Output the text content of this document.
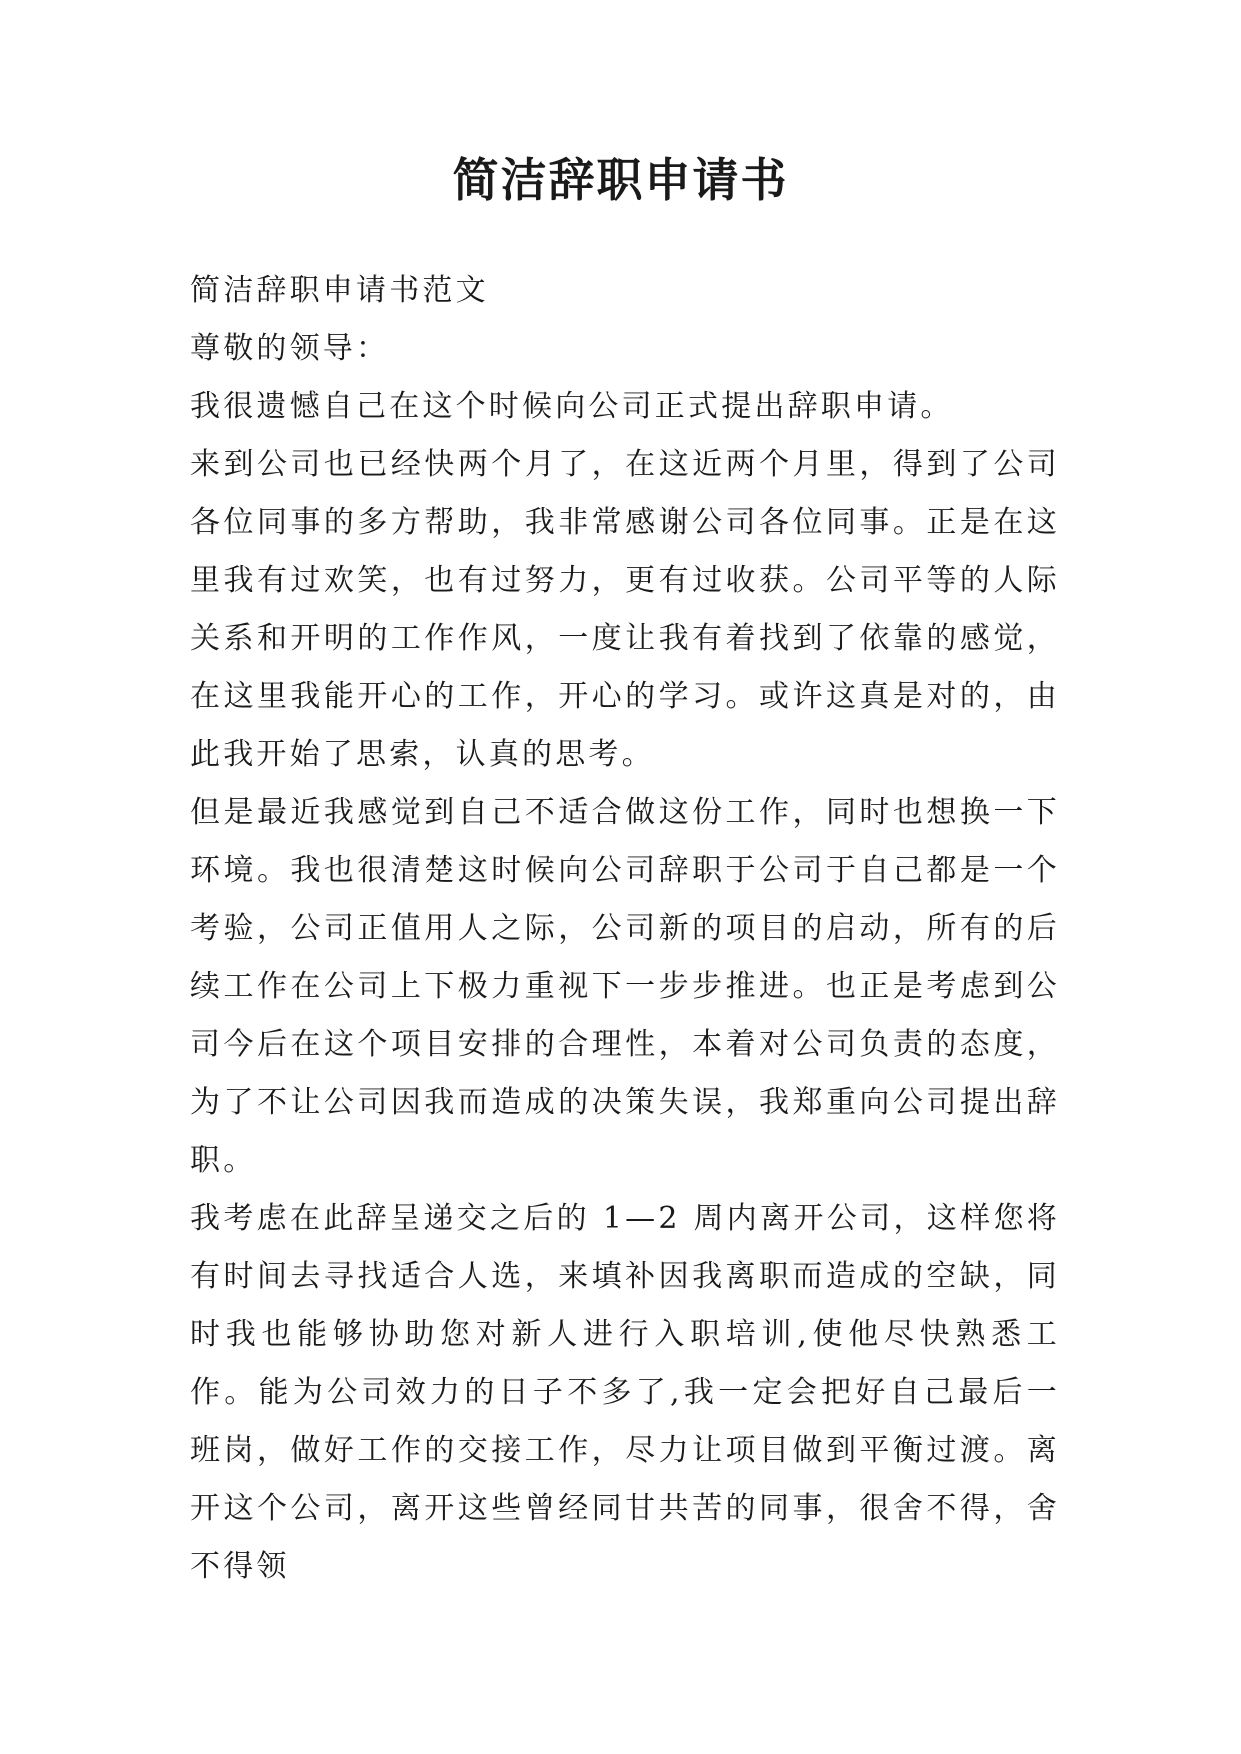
简洁辞职申请书

简洁辞职申请书范文

尊敬的领导：

我很遗憾自己在这个时候向公司正式提出辞职申请。

来到公司也已经快两个月了，在这近两个月里，得到了公司各位同事的多方帮助，我非常感谢公司各位同事。正是在这里我有过欢笑，也有过努力，更有过收获。公司平等的人际关系和开明的工作作风，一度让我有着找到了依靠的感觉，在这里我能开心的工作，开心的学习。或许这真是对的，由此我开始了思索，认真的思考。

但是最近我感觉到自己不适合做这份工作，同时也想换一下环境。我也很清楚这时候向公司辞职于公司于自己都是一个考验，公司正值用人之际，公司新的项目的启动，所有的后续工作在公司上下极力重视下一步步推进。也正是考虑到公司今后在这个项目安排的合理性，本着对公司负责的态度，为了不让公司因我而造成的决策失误，我郑重向公司提出辞职。

我考虑在此辞呈递交之后的 1—2 周内离开公司，这样您将有时间去寻找适合人选，来填补因我离职而造成的空缺，同时我也能够协助您对新人进行入职培训,使他尽快熟悉工作。能为公司效力的日子不多了,我一定会把好自己最后一班岗，做好工作的交接工作，尽力让项目做到平衡过渡。离开这个公司，离开这些曾经同甘共苦的同事，很舍不得，舍不得领
